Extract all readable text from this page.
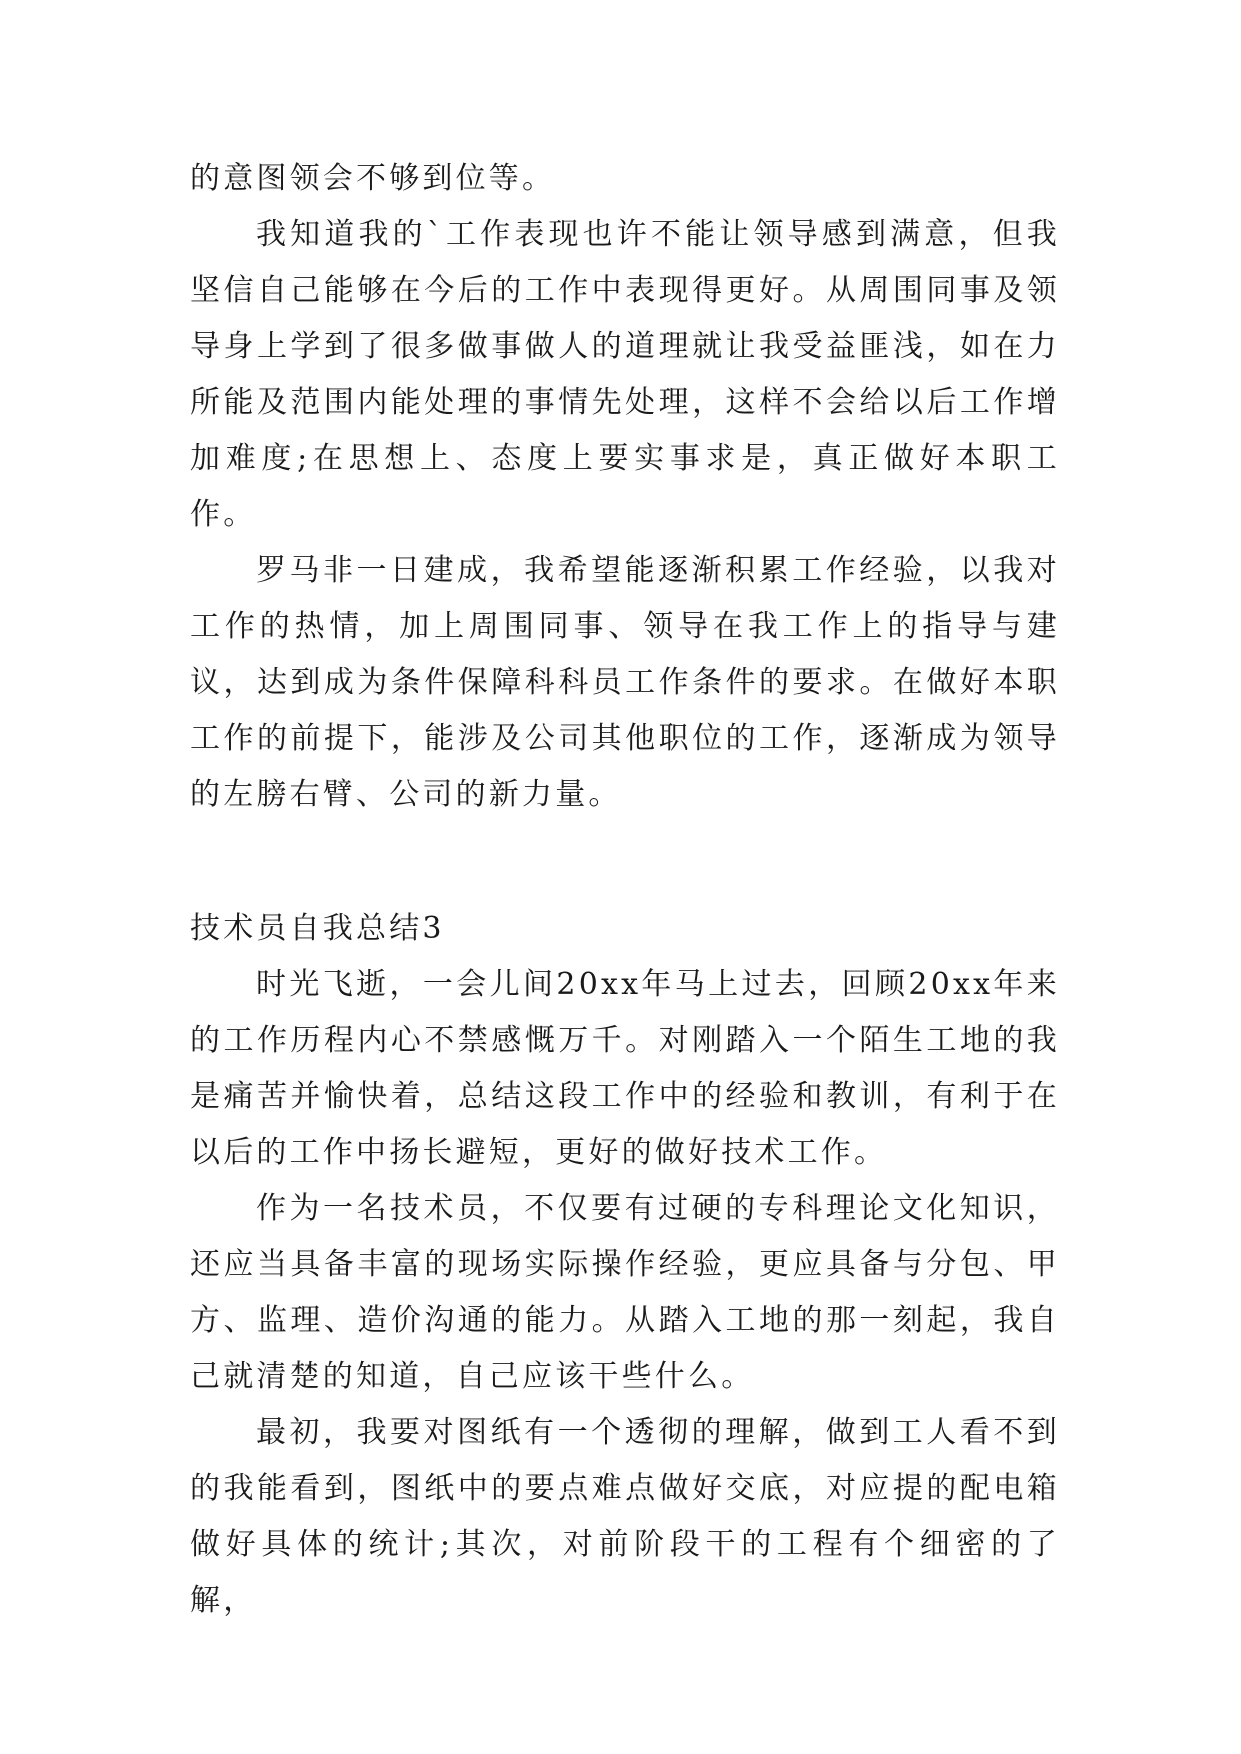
的意图领会不够到位等。

我知道我的`工作表现也许不能让领导感到满意，但我坚信自己能够在今后的工作中表现得更好。从周围同事及领导身上学到了很多做事做人的道理就让我受益匪浅，如在力所能及范围内能处理的事情先处理，这样不会给以后工作增加难度;在思想上、态度上要实事求是，真正做好本职工作。

罗马非一日建成，我希望能逐渐积累工作经验，以我对工作的热情，加上周围同事、领导在我工作上的指导与建议，达到成为条件保障科科员工作条件的要求。在做好本职工作的前提下，能涉及公司其他职位的工作，逐渐成为领导的左膀右臂、公司的新力量。

技术员自我总结3

时光飞逝，一会儿间20xx年马上过去，回顾20xx年来的工作历程内心不禁感慨万千。对刚踏入一个陌生工地的我是痛苦并愉快着，总结这段工作中的经验和教训，有利于在以后的工作中扬长避短，更好的做好技术工作。

作为一名技术员，不仅要有过硬的专科理论文化知识，还应当具备丰富的现场实际操作经验，更应具备与分包、甲方、监理、造价沟通的能力。从踏入工地的那一刻起，我自己就清楚的知道，自己应该干些什么。

最初，我要对图纸有一个透彻的理解，做到工人看不到的我能看到，图纸中的要点难点做好交底，对应提的配电箱做好具体的统计;其次，对前阶段干的工程有个细密的了解，
